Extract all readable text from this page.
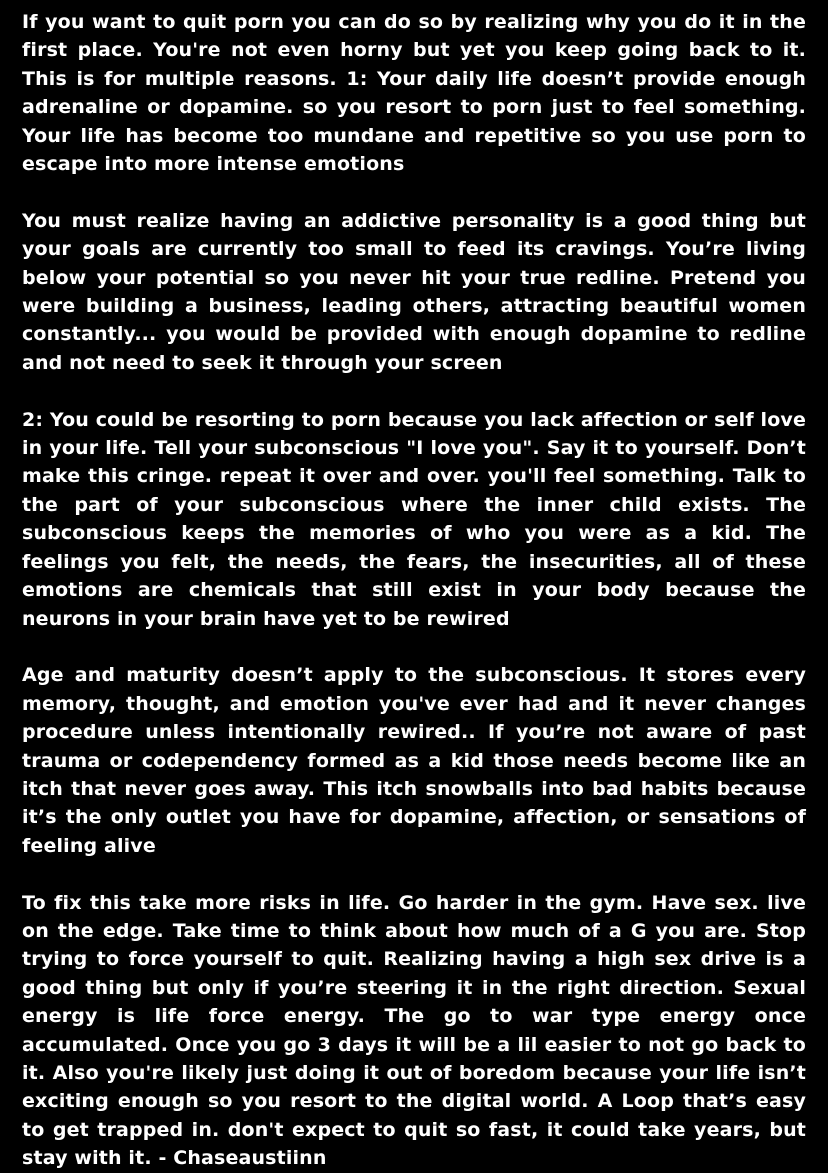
If you want to quit porn you can do so by realizing why you do it in the first place. You're not even horny but yet you keep going back to it. This is for multiple reasons. 1: Your daily life doesn’t provide enough adrenaline or dopamine. so you resort to porn just to feel something. Your life has become too mundane and repetitive so you use porn to escape into more intense emotions

You must realize having an addictive personality is a good thing but your goals are currently too small to feed its cravings. You’re living below your potential so you never hit your true redline. Pretend you were building a business, leading others, attracting beautiful women constantly... you would be provided with enough dopamine to redline and not need to seek it through your screen

2: You could be resorting to porn because you lack affection or self love in your life. Tell your subconscious "I love you". Say it to yourself. Don’t make this cringe. repeat it over and over. you'll feel something. Talk to the part of your subconscious where the inner child exists. The subconscious keeps the memories of who you were as a kid. The feelings you felt, the needs, the fears, the insecurities, all of these emotions are chemicals that still exist in your body because the neurons in your brain have yet to be rewired

Age and maturity doesn’t apply to the subconscious. It stores every memory, thought, and emotion you've ever had and it never changes procedure unless intentionally rewired.. If you’re not aware of past trauma or codependency formed as a kid those needs become like an itch that never goes away. This itch snowballs into bad habits because it’s the only outlet you have for dopamine, affection, or sensations of feeling alive

To fix this take more risks in life. Go harder in the gym. Have sex. live on the edge. Take time to think about how much of a G you are. Stop trying to force yourself to quit. Realizing having a high sex drive is a good thing but only if you’re steering it in the right direction. Sexual energy is life force energy. The go to war type energy once accumulated. Once you go 3 days it will be a lil easier to not go back to it. Also you're likely just doing it out of boredom because your life isn’t exciting enough so you resort to the digital world. A Loop that’s easy to get trapped in. don't expect to quit so fast, it could take years, but stay with it. - Chaseaustiinn
